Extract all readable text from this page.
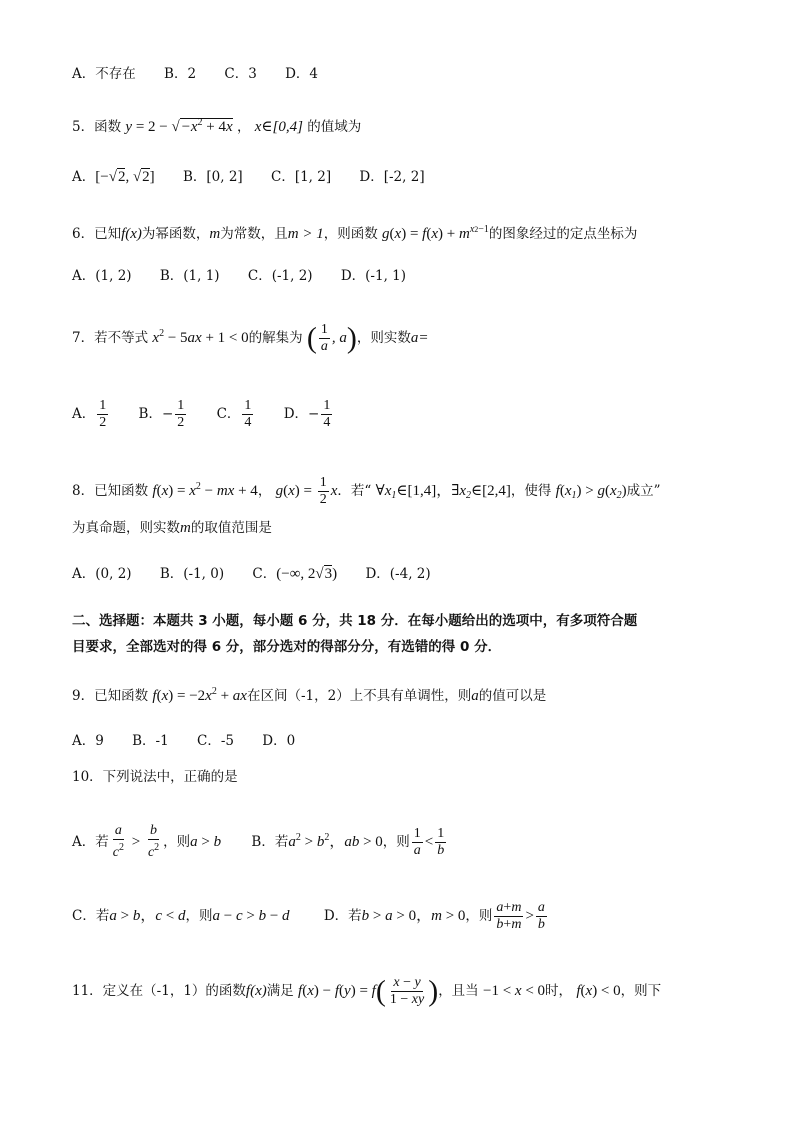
A．不存在 B．2 C．3 D．4
5．函数 $y = 2 - √-x^2 + 4x$ ， x∈[0,4] 的值域为
A．[−√2, √2] B．[0, 2] C．[1, 2] D．[-2, 2]
6．已知f(x)为幂函数，m为常数，且m > 1，则函数 $g(x) = f(x) + m^{x2-1}$的图象经过的定点坐标为
A．(1, 2) B．(1, 1) C．(-1, 2) D．(-1, 1)
7．若不等式 $x^2 - 5ax + 1 < 0$的解集为 ( $\frac{1}{a}$ , a)，则实数a=
A． $\frac{1}{2}$ B．− $\frac{1}{2}$ C． $\frac{1}{4}$ D．− $\frac{1}{4}$
8．已知函数 $f(x) = x^2$ − mx + 4， $g(x) = \frac{1}{2}$ x．若“ $\forall x_1\in[1,4]$，$\exists x_2\in[2,4]$，使得 $f(x_1) > g(x_2)$成立”
为真命题，则实数m的取值范围是
A．(0, 2) B．(-1, 0) C．(−∞, 2√3) D．(-4, 2)
二、选择题：本题共 3 小题，每小题 6 分，共 18 分．在每小题给出的选项中，有多项符合题
目要求，全部选对的得 6 分，部分选对的得部分分，有选错的得 0 分．
9．已知函数 $f(x) = -2x^2$ + ax在区间（-1，2）上不具有单调性，则a的值可以是
A．9 B．-1 C．-5 D．0
10．下列说法中，正确的是
A．若 $\frac{a}{c^2} > \frac{b}{c^2}$ ，则a > b B．若$a^2 > b^2$，ab > 0，则 $\frac{1}{a} < \frac{1}{b}$
C．若a > b，c < d，则a − c > b − d	D．若b > a > 0，m > 0，则 $\frac{a+m}{b+m} > \frac{a}{b}$
11．定义在（-1，1）的函数f(x)满足 $f(x) - f(y) = f( \frac{x - y}{1 - xy}$ )，且当 −1 < x < 0时， f(x) < 0，则下
